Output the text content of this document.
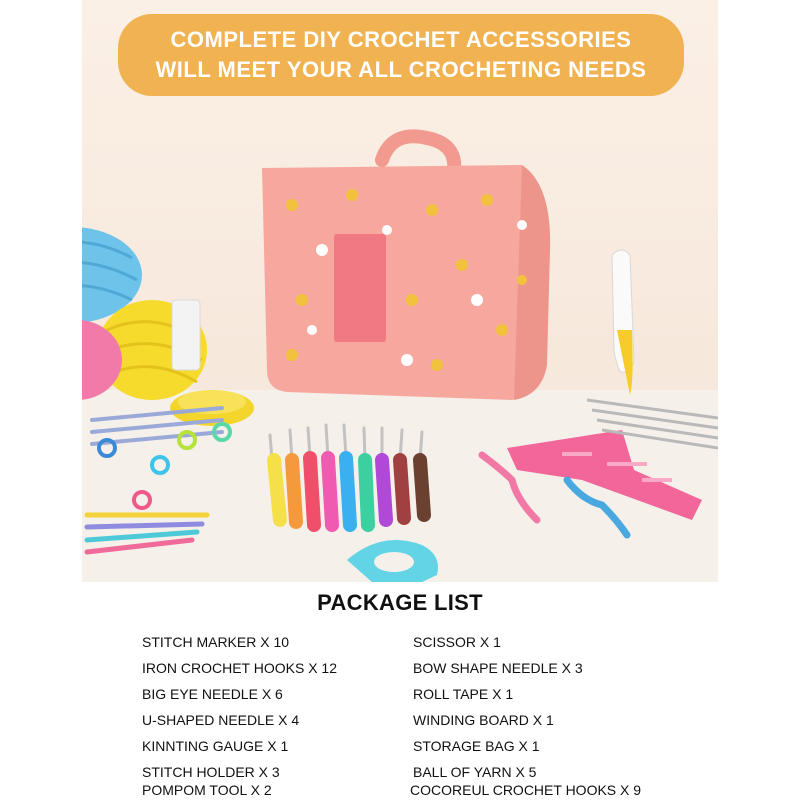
COMPLETE DIY CROCHET ACCESSORIES
WILL MEET YOUR ALL CROCHETING NEEDS
PACKAGE LIST
STITCH MARKER X 10
IRON CROCHET HOOKS X 12
BIG EYE NEEDLE X 6
U-SHAPED NEEDLE X 4
KINNTING GAUGE X 1
STITCH HOLDER X 3
POMPOM TOOL X 2
SCISSOR X 1
BOW SHAPE NEEDLE X 3
ROLL TAPE X 1
WINDING BOARD X 1
STORAGE BAG X 1
BALL OF YARN X 5
COCOREUL CROCHET HOOKS X 9
